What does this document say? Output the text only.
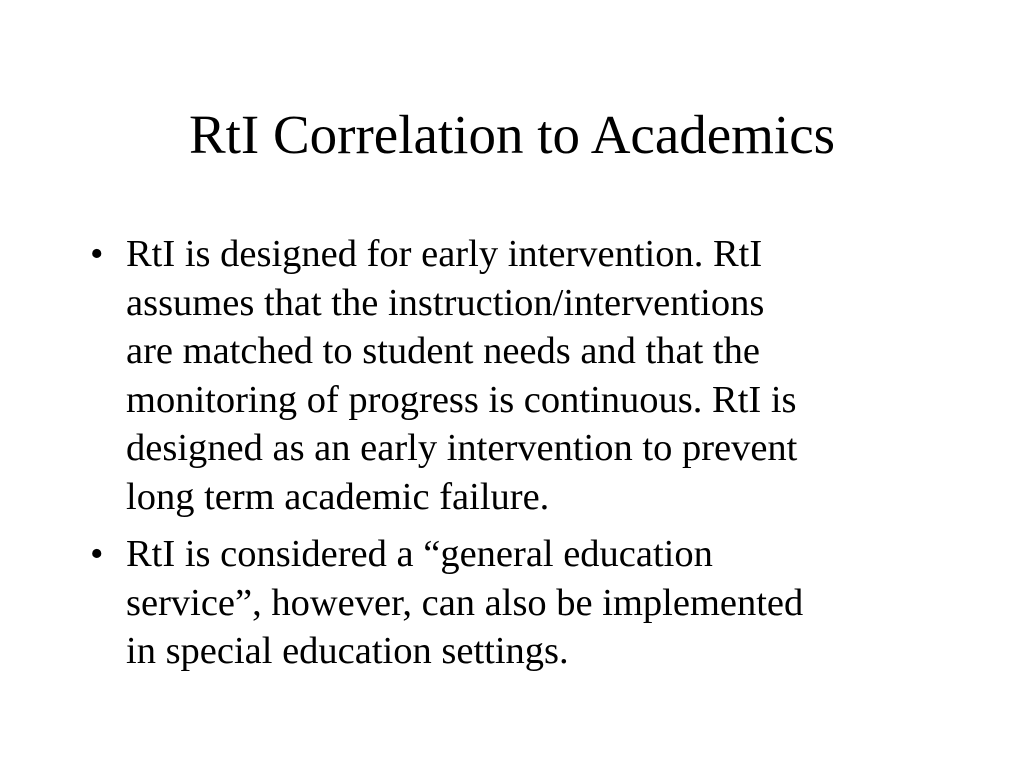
RtI Correlation to Academics
• RtI is designed for early intervention. RtI
assumes that the instruction/interventions
are matched to student needs and that the
monitoring of progress is continuous. RtI is
designed as an early intervention to prevent
long term academic failure.
• RtI is considered a “general education
service”, however, can also be implemented
in special education settings.
